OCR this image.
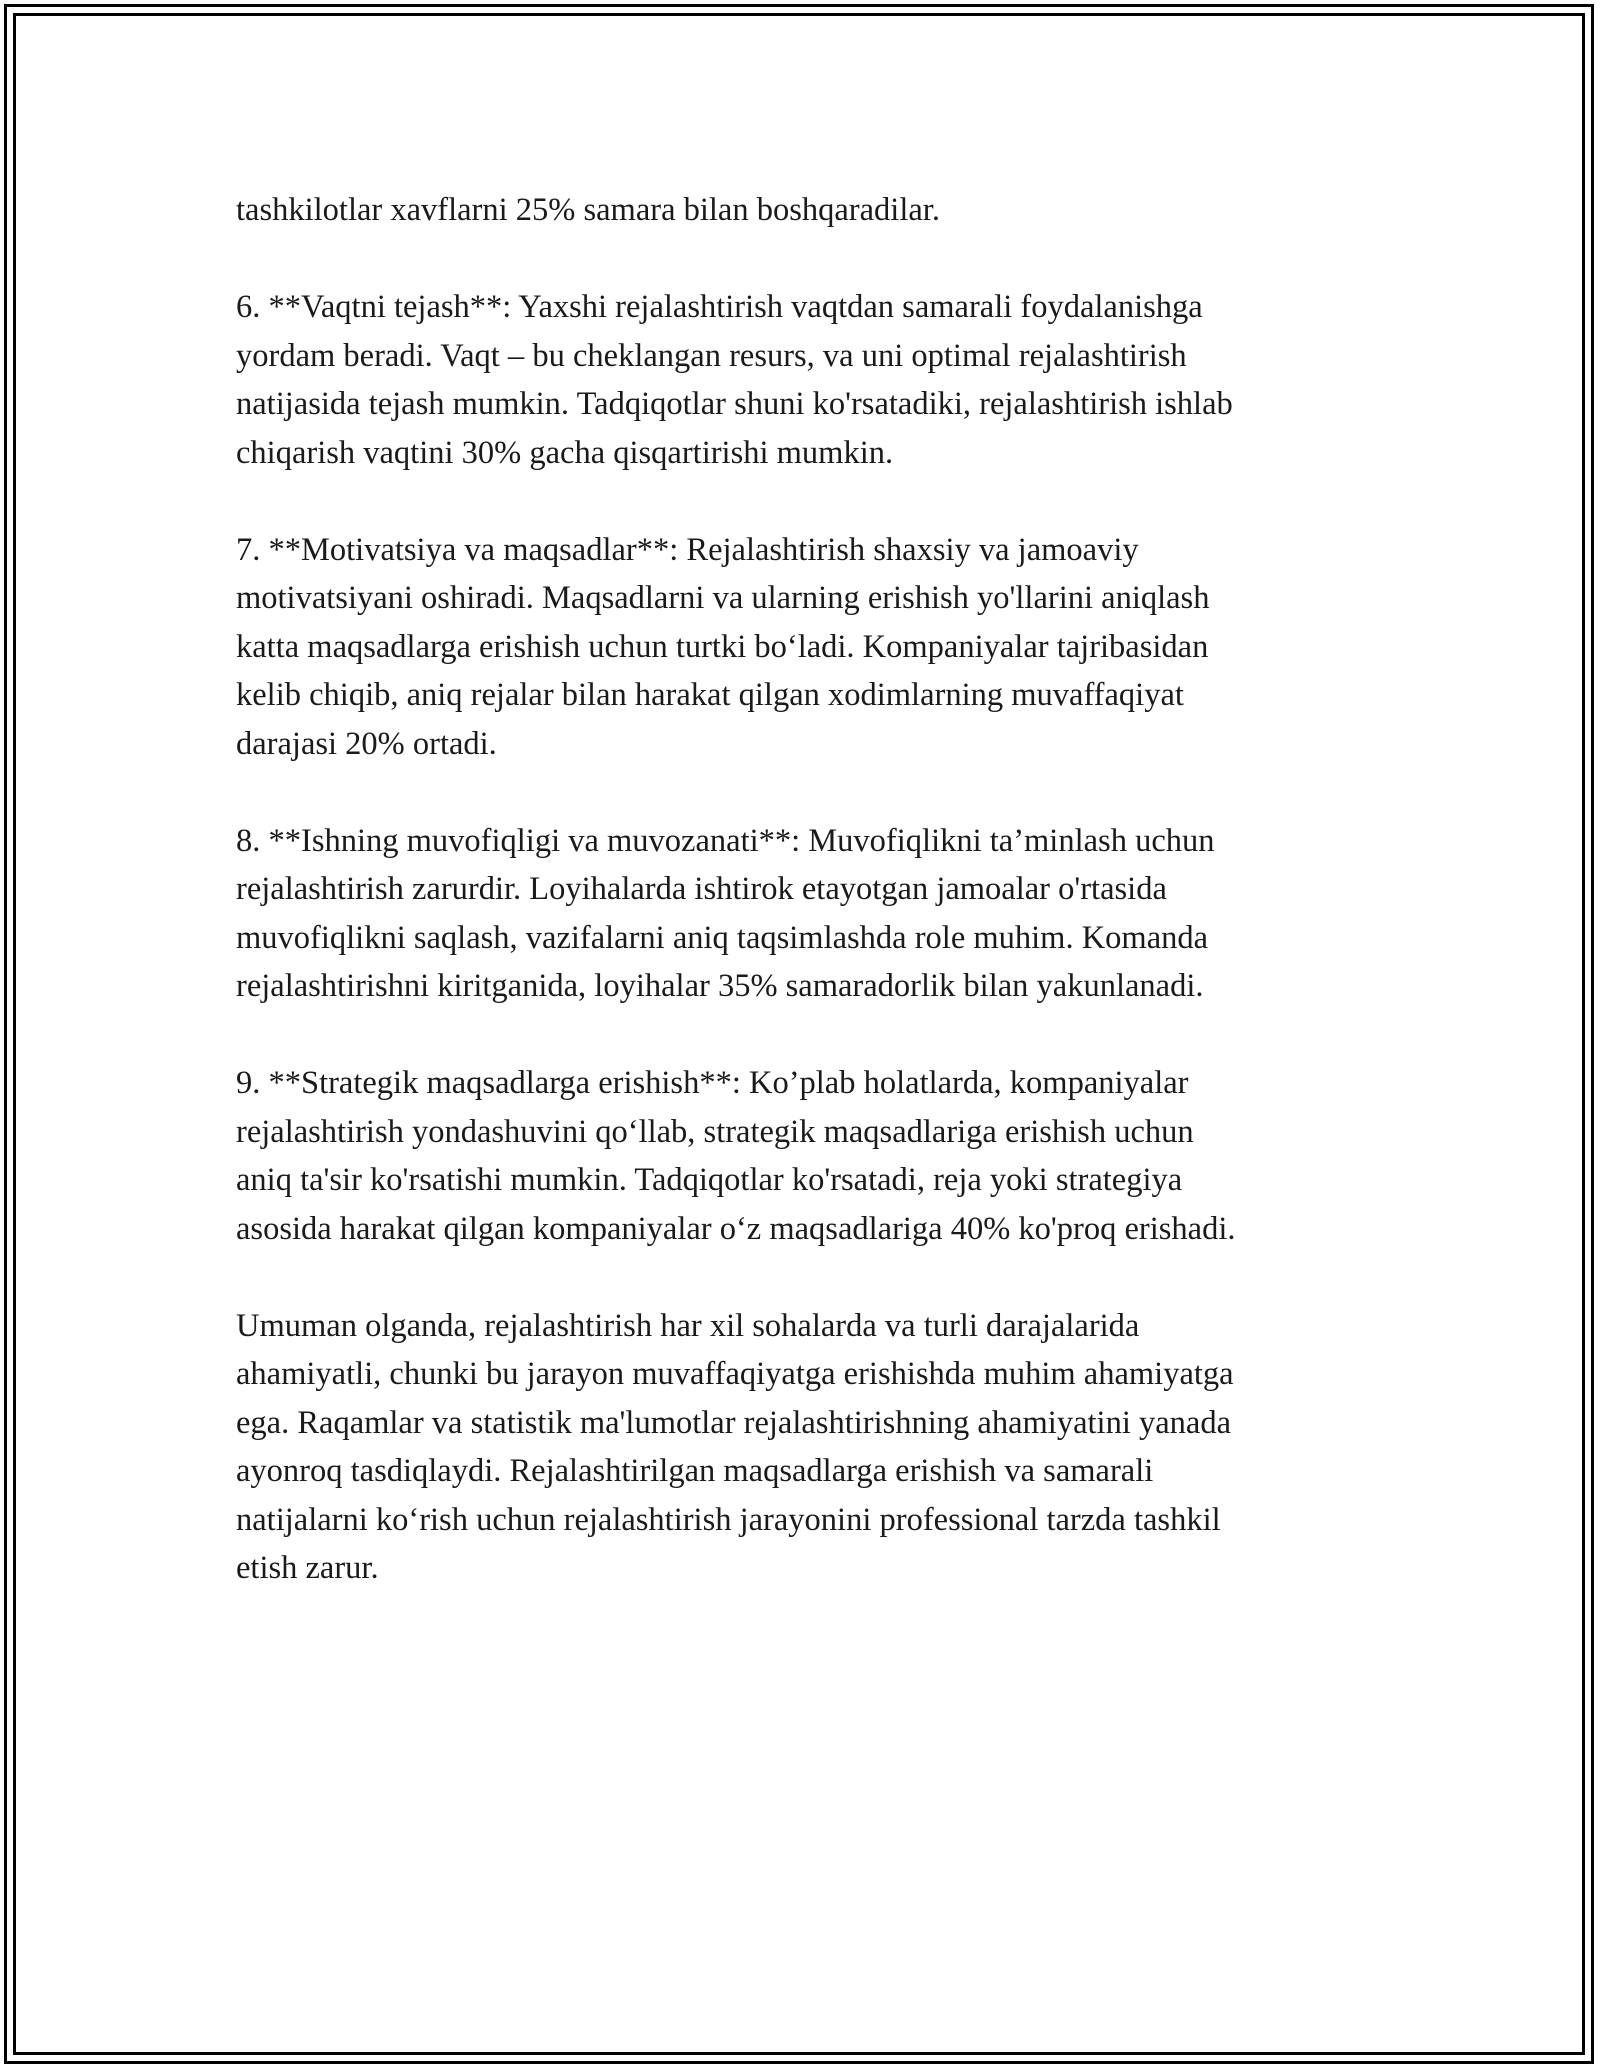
tashkilotlar xavflarni 25% samara bilan boshqaradilar.

6. **Vaqtni tejash**: Yaxshi rejalashtirish vaqtdan samarali foydalanishga
yordam beradi. Vaqt – bu cheklangan resurs, va uni optimal rejalashtirish
natijasida tejash mumkin. Tadqiqotlar shuni ko'rsatadiki, rejalashtirish ishlab
chiqarish vaqtini 30% gacha qisqartirishi mumkin.

7. **Motivatsiya va maqsadlar**: Rejalashtirish shaxsiy va jamoaviy
motivatsiyani oshiradi. Maqsadlarni va ularning erishish yo'llarini aniqlash
katta maqsadlarga erishish uchun turtki bo‘ladi. Kompaniyalar tajribasidan
kelib chiqib, aniq rejalar bilan harakat qilgan xodimlarning muvaffaqiyat
darajasi 20% ortadi.

8. **Ishning muvofiqligi va muvozanati**: Muvofiqlikni ta’minlash uchun
rejalashtirish zarurdir. Loyihalarda ishtirok etayotgan jamoalar o'rtasida
muvofiqlikni saqlash, vazifalarni aniq taqsimlashda role muhim. Komanda
rejalashtirishni kiritganida, loyihalar 35% samaradorlik bilan yakunlanadi.

9. **Strategik maqsadlarga erishish**: Ko’plab holatlarda, kompaniyalar
rejalashtirish yondashuvini qo‘llab, strategik maqsadlariga erishish uchun
aniq ta'sir ko'rsatishi mumkin. Tadqiqotlar ko'rsatadi, reja yoki strategiya
asosida harakat qilgan kompaniyalar o‘z maqsadlariga 40% ko'proq erishadi.

Umuman olganda, rejalashtirish har xil sohalarda va turli darajalarida
ahamiyatli, chunki bu jarayon muvaffaqiyatga erishishda muhim ahamiyatga
ega. Raqamlar va statistik ma'lumotlar rejalashtirishning ahamiyatini yanada
ayonroq tasdiqlaydi. Rejalashtirilgan maqsadlarga erishish va samarali
natijalarni ko‘rish uchun rejalashtirish jarayonini professional tarzda tashkil
etish zarur.
